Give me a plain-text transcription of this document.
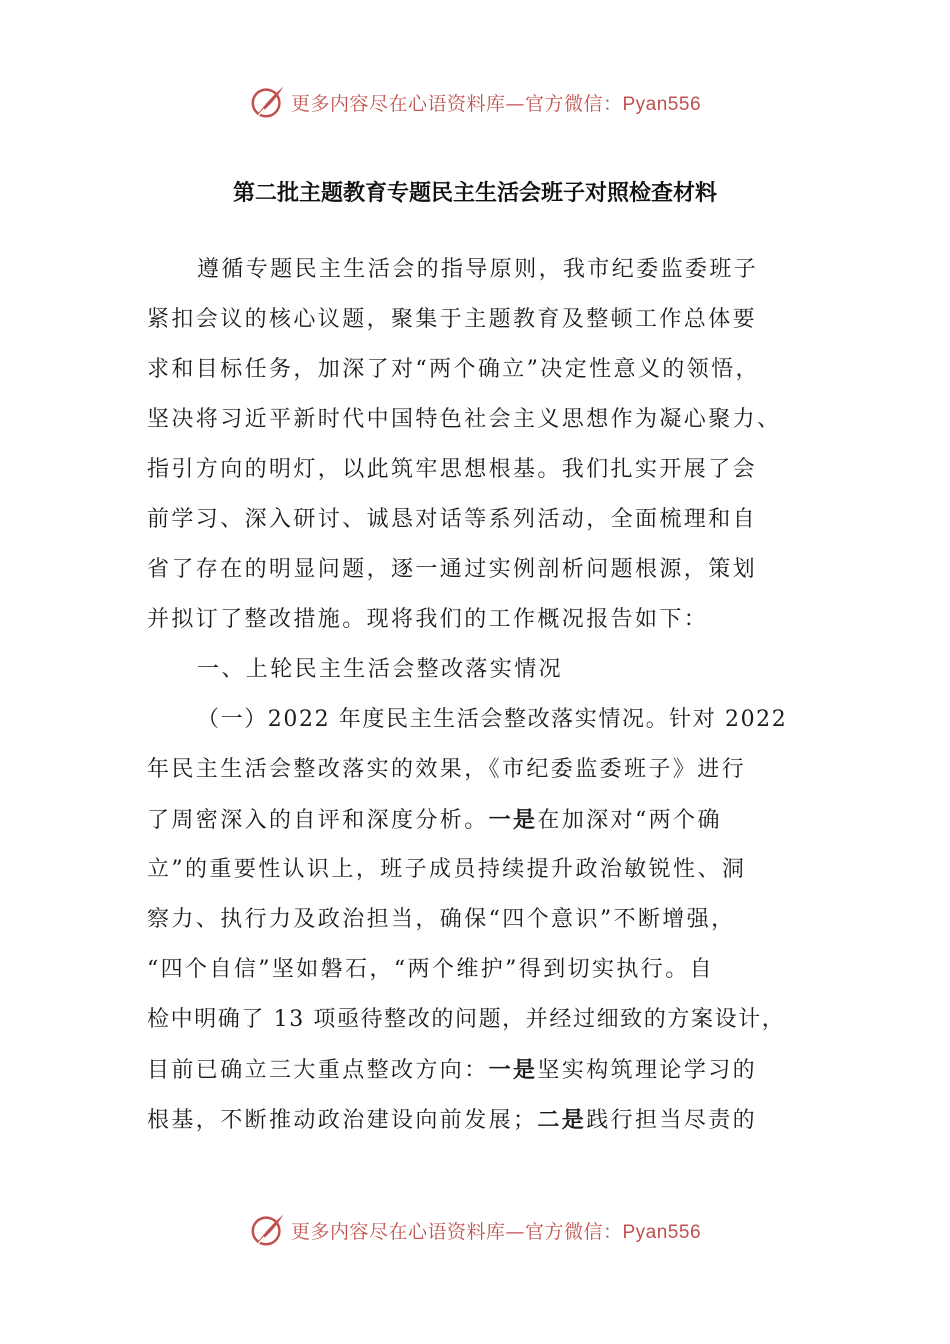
更多内容尽在心语资料库—官方微信：Pyan556
第二批主题教育专题民主生活会班子对照检查材料
遵循专题民主生活会的指导原则，我市纪委监委班子
紧扣会议的核心议题，聚集于主题教育及整顿工作总体要
求和目标任务，加深了对“两个确立”决定性意义的领悟，
坚决将习近平新时代中国特色社会主义思想作为凝心聚力、
指引方向的明灯，以此筑牢思想根基。我们扎实开展了会
前学习、深入研讨、诚恳对话等系列活动，全面梳理和自
省了存在的明显问题，逐一通过实例剖析问题根源，策划
并拟订了整改措施。现将我们的工作概况报告如下：
一、上轮民主生活会整改落实情况
（一）2022 年度民主生活会整改落实情况。针对 2022
年民主生活会整改落实的效果，《市纪委监委班子》进行
了周密深入的自评和深度分析。一是在加深对“两个确
立”的重要性认识上，班子成员持续提升政治敏锐性、洞
察力、执行力及政治担当，确保“四个意识”不断增强，
“四个自信”坚如磐石，“两个维护”得到切实执行。自
检中明确了 13 项亟待整改的问题，并经过细致的方案设计，
目前已确立三大重点整改方向：一是坚实构筑理论学习的
根基，不断推动政治建设向前发展；二是践行担当尽责的
更多内容尽在心语资料库—官方微信：Pyan556
